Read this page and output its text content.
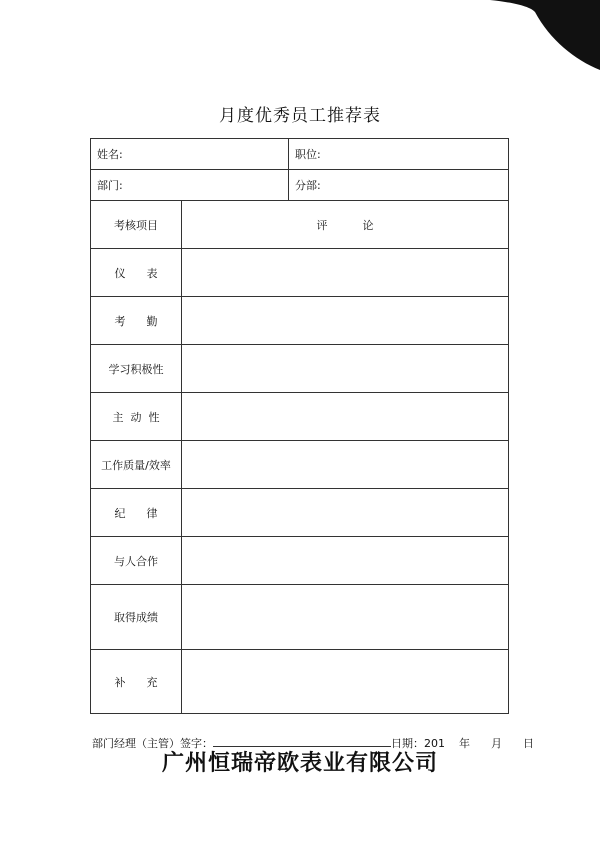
月度优秀员工推荐表
姓名:		职位:
部门:		分部:
考核项目	评          论	
仪      表		
考      勤		
学习积极性		
主  动  性		
工作质量/效率		
纪      律		
与人合作		
取得成绩		
补      充		
部门经理（主管）签字：	日期：201    年      月      日
广州恒瑞帝欧表业有限公司
